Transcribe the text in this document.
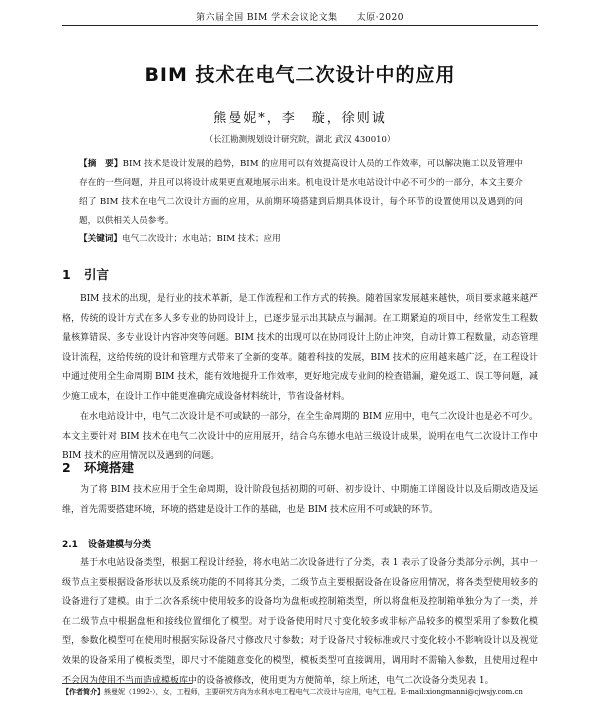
第六届全国 BIM 学术会议论文集　　太原·2020
BIM 技术在电气二次设计中的应用
熊曼妮*，李　璇，徐则诚
（长江勘测规划设计研究院，湖北 武汉 430010）
【摘　要】BIM 技术是设计发展的趋势，BIM 的应用可以有效提高设计人员的工作效率，可以解决施工以及管理中存在的一些问题，并且可以将设计成果更直观地展示出来。机电设计是水电站设计中必不可少的一部分，本文主要介绍了 BIM 技术在电气二次设计方面的应用，从前期环境搭建到后期具体设计，每个环节的设置使用以及遇到的问题，以供相关人员参考。
【关键词】电气二次设计；水电站；BIM 技术；应用
1 引言
BIM 技术的出现，是行业的技术革新，是工作流程和工作方式的转换。随着国家发展越来越快，项目要求越来越严格，传统的设计方式在多人多专业的协同设计上，已逐步显示出其缺点与漏洞。在工期紧迫的项目中，经常发生工程数量核算错误、多专业设计内容冲突等问题。BIM 技术的出现可以在协同设计上防止冲突，自动计算工程数量，动态管理设计流程，这给传统的设计和管理方式带来了全新的变革。随着科技的发展，BIM 技术的应用越来越广泛，在工程设计中通过使用全生命周期 BIM 技术，能有效地提升工作效率，更好地完成专业间的检查错漏，避免返工、误工等问题，减少施工成本，在设计工作中能更准确完成设备材料统计，节省设备材料。
在水电站设计中，电气二次设计是不可或缺的一部分，在全生命周期的 BIM 应用中，电气二次设计也是必不可少。本文主要针对 BIM 技术在电气二次设计中的应用展开，结合乌东德水电站三级设计成果，说明在电气二次设计工作中 BIM 技术的应用情况以及遇到的问题。
2 环境搭建
为了将 BIM 技术应用于全生命周期，设计阶段包括初期的可研、初步设计、中期施工详图设计以及后期改造及运维，首先需要搭建环境，环境的搭建是设计工作的基础，也是 BIM 技术应用不可或缺的环节。
2.1 设备建模与分类
基于水电站设备类型，根据工程设计经验，将水电站二次设备进行了分类，表 1 表示了设备分类部分示例，其中一级节点主要根据设备形状以及系统功能的不同将其分类，二级节点主要根据设备在设备应用情况，将各类型使用较多的设备进行了建模。由于二次各系统中使用较多的设备均为盘柜或控制箱类型，所以将盘柜及控制箱单独分为了一类，并在二级节点中根据盘柜和接线位置细化了模型。对于设备使用时尺寸变化较多或非标产品较多的模型采用了参数化模型，参数化模型可在使用时根据实际设备尺寸修改尺寸参数；对于设备尺寸较标准或尺寸变化较小不影响设计以及视觉效果的设备采用了模板类型，即尺寸不能随意变化的模型，模板类型可直接调用，调用时不需输入参数，且使用过程中不会因为使用不当而造成模板库中的设备被修改，使用更为方便简单，综上所述，电气二次设备分类见表 1。
【作者简介】熊曼妮（1992-），女，工程师，主要研究方向为水利水电工程电气二次设计与应用，电气工程。E-mail:xiongmanni@cjwsjy.com.cn
